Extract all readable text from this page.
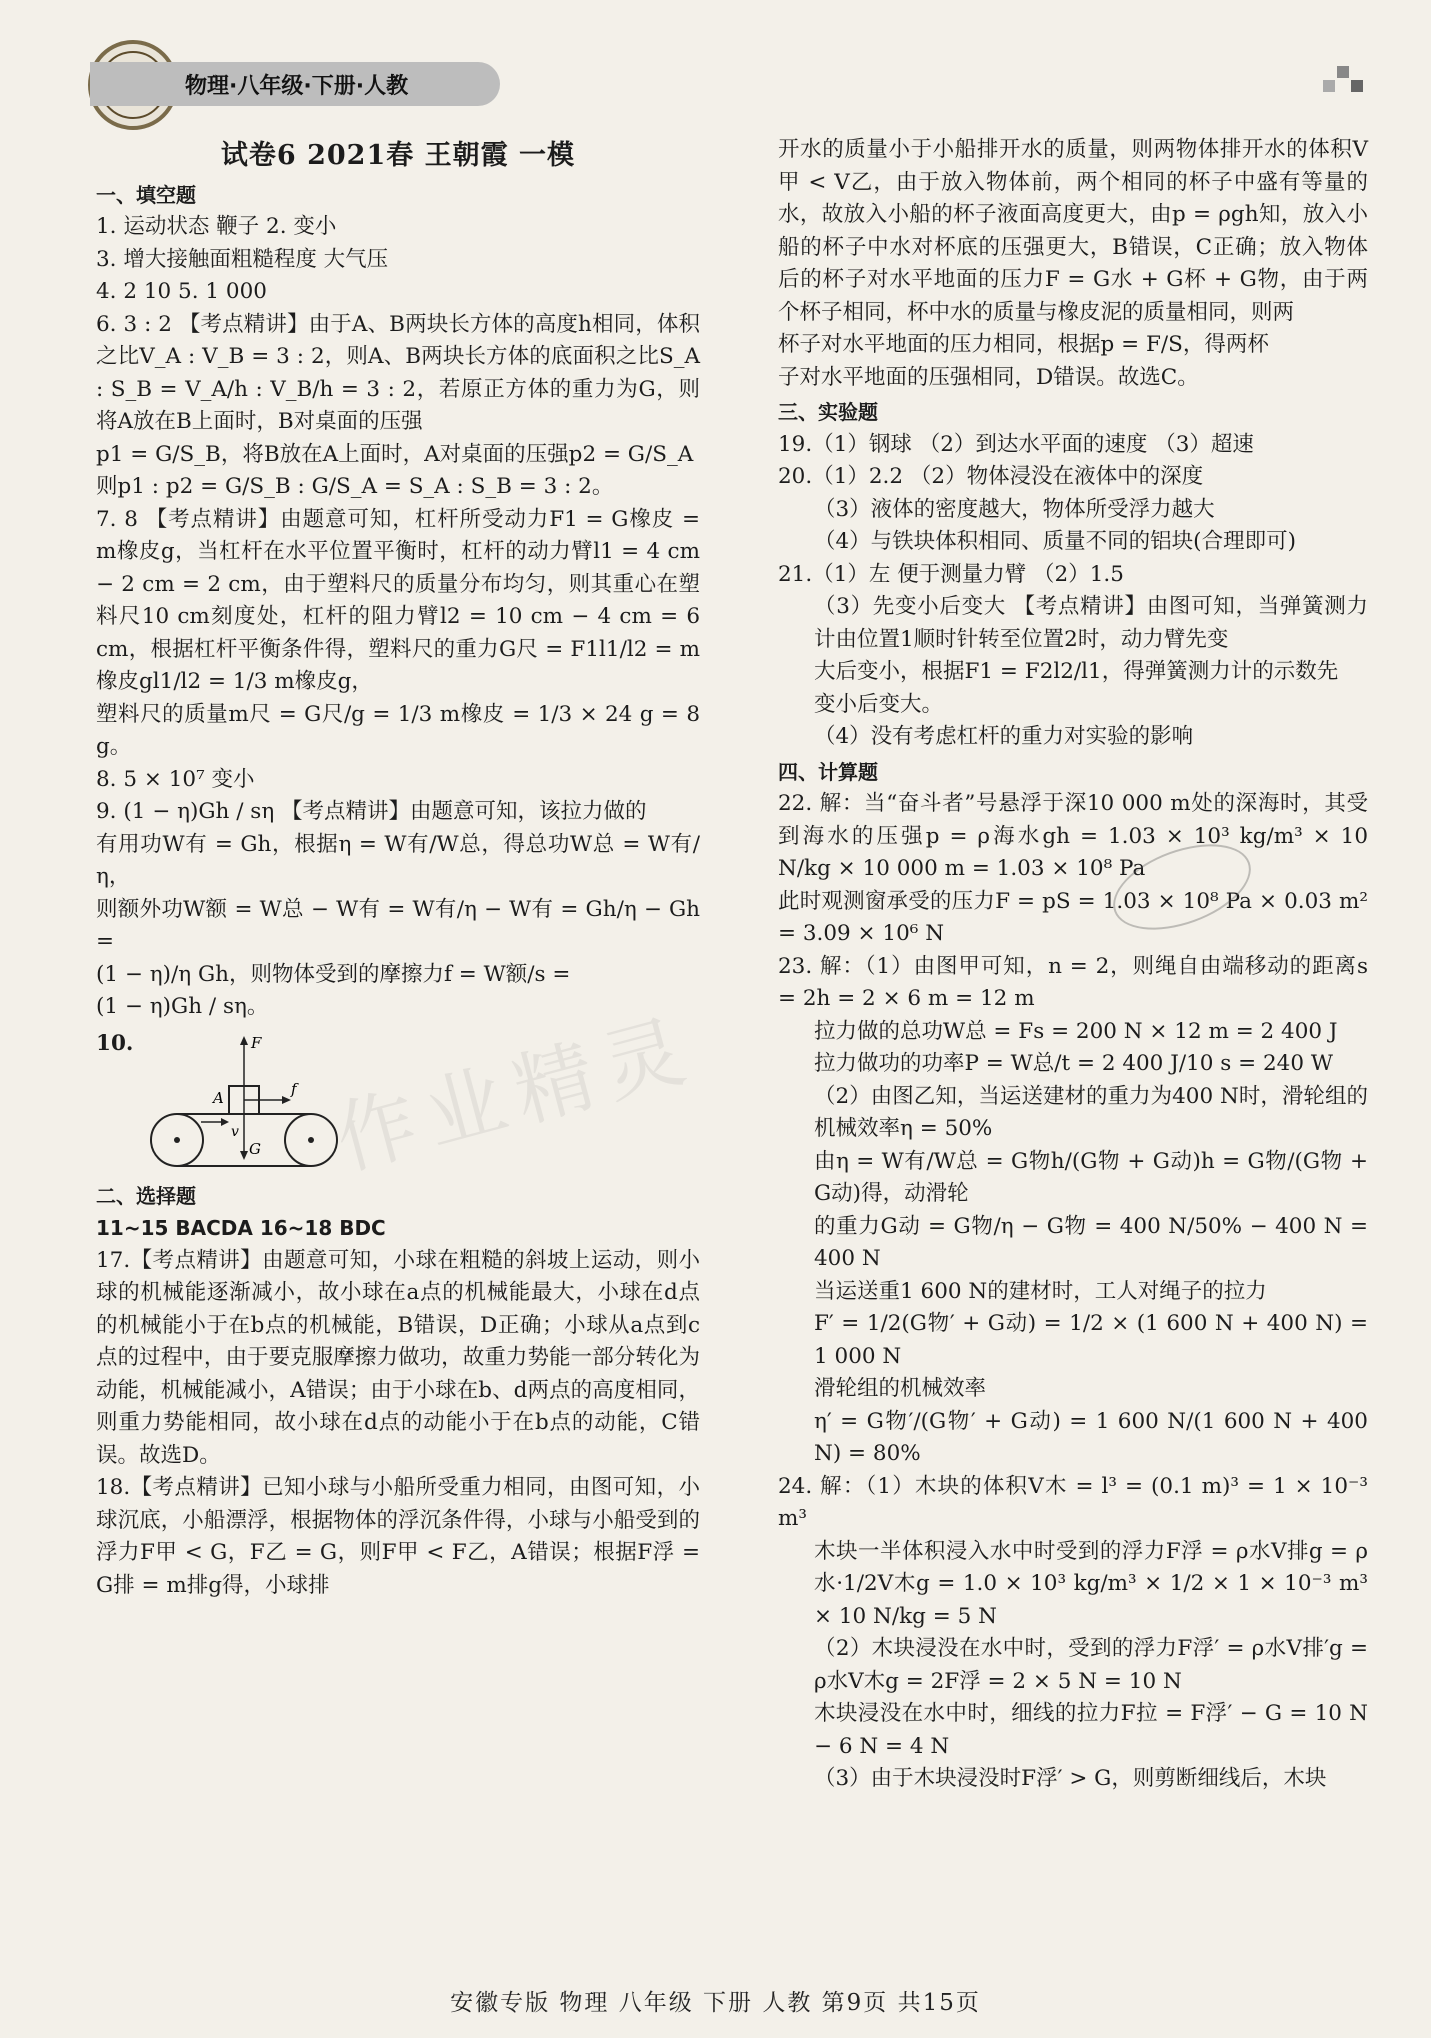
物理·八年级·下册·人教
试卷6 2021春 王朝霞 一模
一、填空题

1. 运动状态 鞭子 2. 变小

3. 增大接触面粗糙程度 大气压

4. 2 10 5. 1 000

6. 3 : 2 【考点精讲】由于A、B两块长方体的高度h相同，体积之比V_A : V_B = 3 : 2，则A、B两块长方体的底面积之比S_A : S_B = V_A/h : V_B/h = 3 : 2，若原正方体的重力为G，则将A放在B上面时，B对桌面的压强

p1 = G/S_B，将B放在A上面时，A对桌面的压强p2 = G/S_A

则p1 : p2 = G/S_B : G/S_A = S_A : S_B = 3 : 2。

7. 8 【考点精讲】由题意可知，杠杆所受动力F1 = G橡皮 = m橡皮g，当杠杆在水平位置平衡时，杠杆的动力臂l1 = 4 cm − 2 cm = 2 cm，由于塑料尺的质量分布均匀，则其重心在塑料尺10 cm刻度处，杠杆的阻力臂l2 = 10 cm − 4 cm = 6 cm，根据杠杆平衡条件得，塑料尺的重力G尺 = F1l1/l2 = m橡皮gl1/l2 = 1/3 m橡皮g，

塑料尺的质量m尺 = G尺/g = 1/3 m橡皮 = 1/3 × 24 g = 8 g。

8. 5 × 10⁷ 变小

9. (1 − η)Gh / sη 【考点精讲】由题意可知，该拉力做的

有用功W有 = Gh，根据η = W有/W总，得总功W总 = W有/η，

则额外功W额 = W总 − W有 = W有/η − W有 = Gh/η − Gh =

(1 − η)/η Gh，则物体受到的摩擦力f = W额/s =

(1 − η)Gh / sη。

10.	F
A	f
v
G
二、选择题

11~15 BACDA 16~18 BDC

17.【考点精讲】由题意可知，小球在粗糙的斜坡上运动，则小球的机械能逐渐减小，故小球在a点的机械能最大，小球在d点的机械能小于在b点的机械能，B错误，D正确；小球从a点到c点的过程中，由于要克服摩擦力做功，故重力势能一部分转化为动能，机械能减小，A错误；由于小球在b、d两点的高度相同，则重力势能相同，故小球在d点的动能小于在b点的动能，C错误。故选D。

18.【考点精讲】已知小球与小船所受重力相同，由图可知，小球沉底，小船漂浮，根据物体的浮沉条件得，小球与小船受到的浮力F甲 < G，F乙 = G，则F甲 < F乙，A错误；根据F浮 = G排 = m排g得，小球排

开水的质量小于小船排开水的质量，则两物体排开水的体积V甲 < V乙，由于放入物体前，两个相同的杯子中盛有等量的水，故放入小船的杯子液面高度更大，由p = ρgh知，放入小船的杯子中水对杯底的压强更大，B错误，C正确；放入物体后的杯子对水平地面的压力F = G水 + G杯 + G物，由于两个杯子相同，杯中水的质量与橡皮泥的质量相同，则两

杯子对水平地面的压力相同，根据p = F/S，得两杯

子对水平地面的压强相同，D错误。故选C。

三、实验题

19.（1）钢球 （2）到达水平面的速度 （3）超速

20.（1）2.2 （2）物体浸没在液体中的深度

（3）液体的密度越大，物体所受浮力越大

（4）与铁块体积相同、质量不同的铝块(合理即可)

21.（1）左 便于测量力臂 （2）1.5

（3）先变小后变大 【考点精讲】由图可知，当弹簧测力计由位置1顺时针转至位置2时，动力臂先变

大后变小，根据F1 = F2l2/l1，得弹簧测力计的示数先

变小后变大。

（4）没有考虑杠杆的重力对实验的影响

四、计算题

22. 解：当“奋斗者”号悬浮于深10 000 m处的深海时，其受到海水的压强p = ρ海水gh = 1.03 × 10³ kg/m³ × 10 N/kg × 10 000 m = 1.03 × 10⁸ Pa
此时观测窗承受的压力F = pS = 1.03 × 10⁸ Pa × 0.03 m² = 3.09 × 10⁶ N

23. 解：（1）由图甲可知，n = 2，则绳自由端移动的距离s = 2h = 2 × 6 m = 12 m

拉力做的总功W总 = Fs = 200 N × 12 m = 2 400 J

拉力做功的功率P = W总/t = 2 400 J/10 s = 240 W

（2）由图乙知，当运送建材的重力为400 N时，滑轮组的机械效率η = 50%

由η = W有/W总 = G物h/(G物 + G动)h = G物/(G物 + G动)得，动滑轮

的重力G动 = G物/η − G物 = 400 N/50% − 400 N = 400 N

当运送重1 600 N的建材时，工人对绳子的拉力

F′ = 1/2(G物′ + G动) = 1/2 × (1 600 N + 400 N) = 1 000 N

滑轮组的机械效率

η′ = G物′/(G物′ + G动) = 1 600 N/(1 600 N + 400 N) = 80%

24. 解：（1）木块的体积V木 = l³ = (0.1 m)³ = 1 × 10⁻³ m³

木块一半体积浸入水中时受到的浮力F浮 = ρ水V排g = ρ水·1/2V木g = 1.0 × 10³ kg/m³ × 1/2 × 1 × 10⁻³ m³ × 10 N/kg = 5 N

（2）木块浸没在水中时，受到的浮力F浮′ = ρ水V排′g = ρ水V木g = 2F浮 = 2 × 5 N = 10 N

木块浸没在水中时，细线的拉力F拉 = F浮′ − G = 10 N − 6 N = 4 N

（3）由于木块浸没时F浮′ > G，则剪断细线后，木块

作业精灵
安徽专版 物理 八年级 下册 人教 第9页 共15页
